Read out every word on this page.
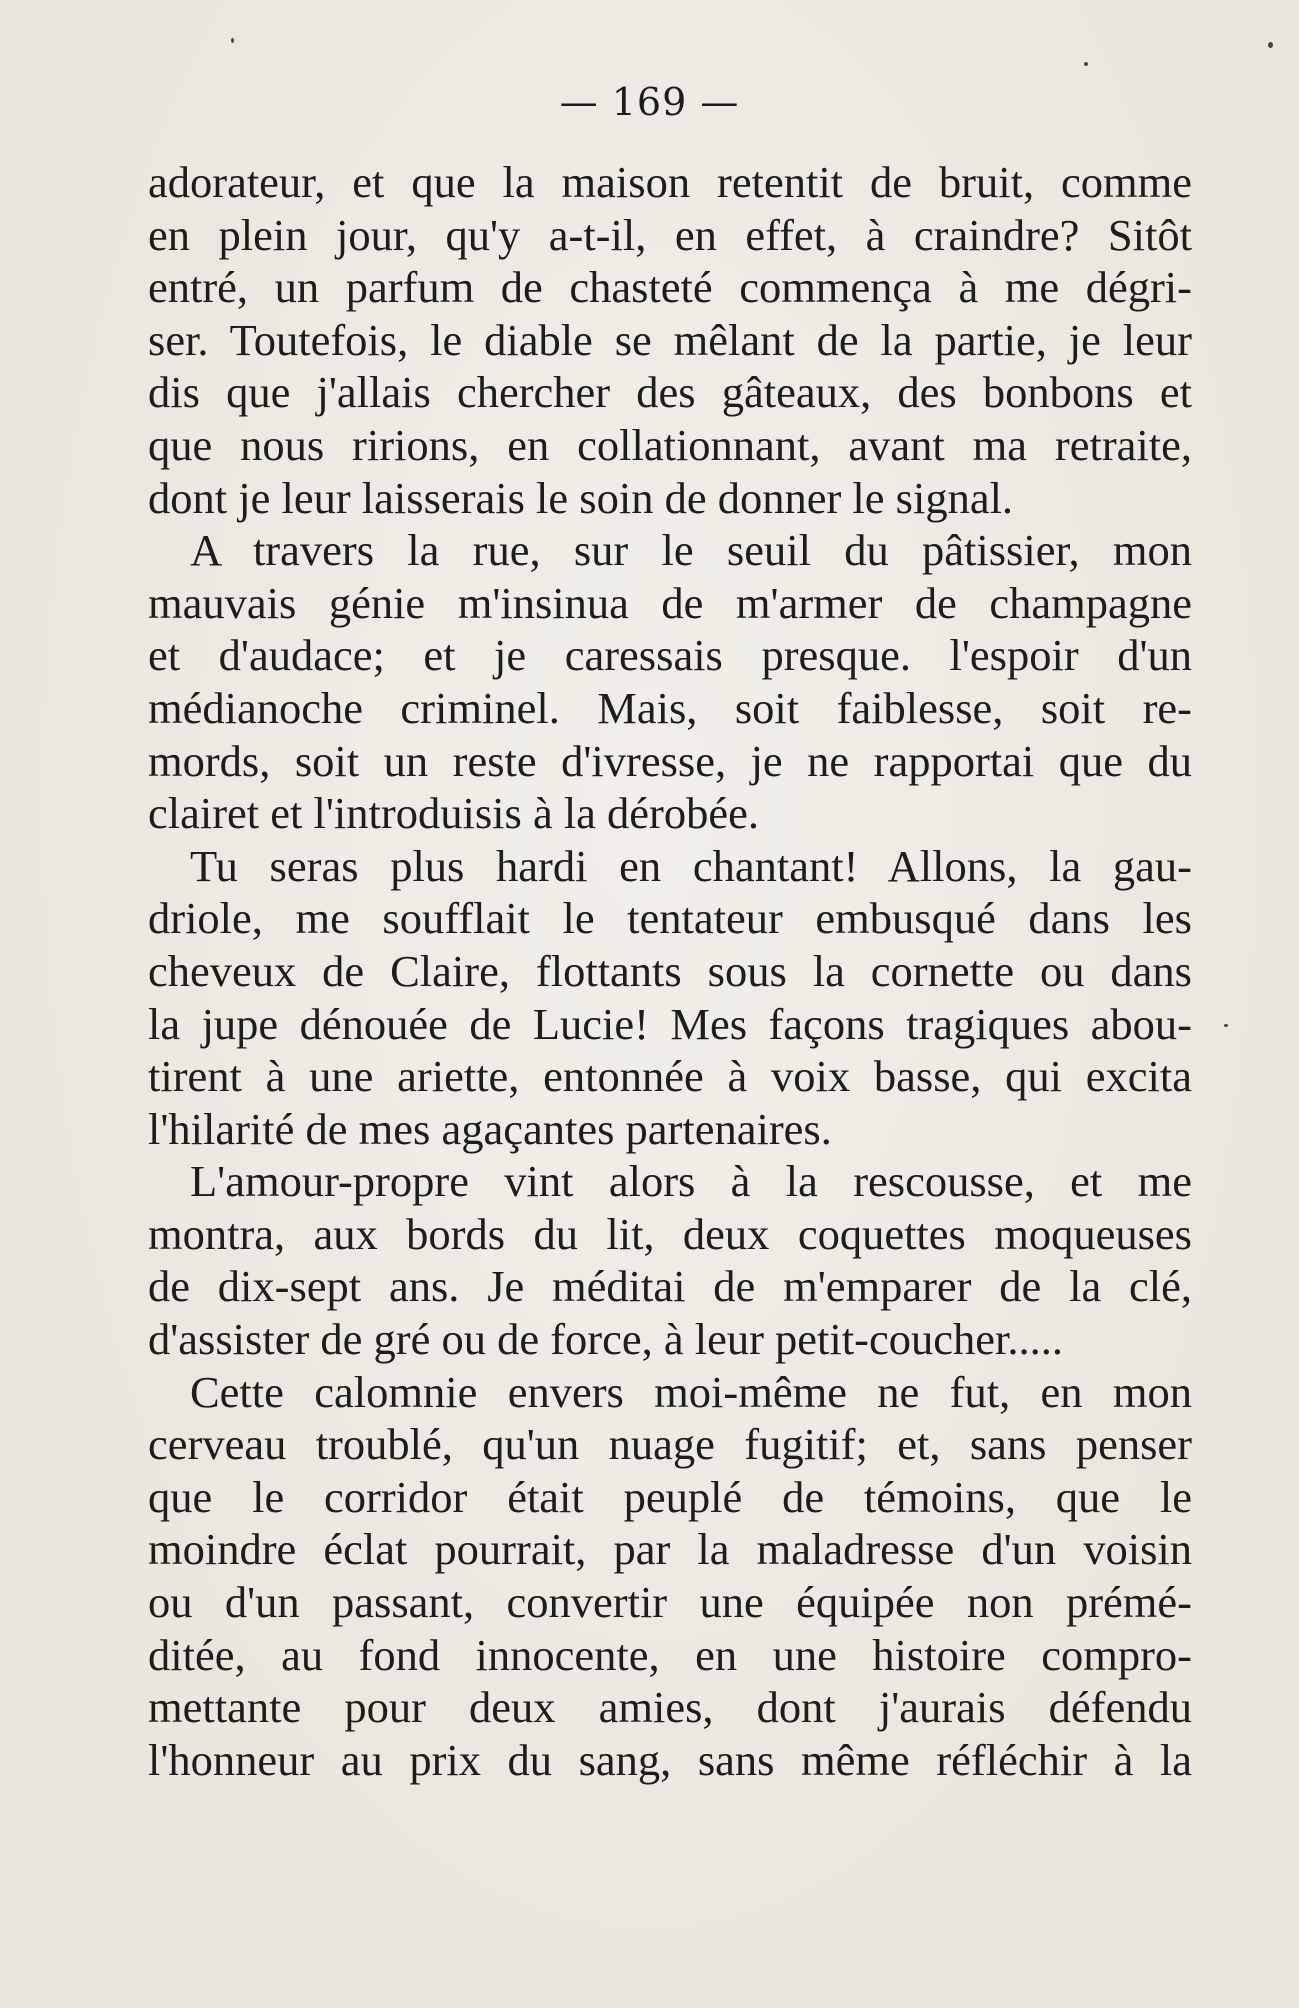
— 169 —
adorateur, et que la maison retentit de bruit, comme
en plein jour, qu'y a-t-il, en effet, à craindre? Sitôt
entré, un parfum de chasteté commença à me dégri-
ser. Toutefois, le diable se mêlant de la partie, je leur
dis que j'allais chercher des gâteaux, des bonbons et
que nous ririons, en collationnant, avant ma retraite,
dont je leur laisserais le soin de donner le signal.
A travers la rue, sur le seuil du pâtissier, mon
mauvais génie m'insinua de m'armer de champagne
et d'audace; et je caressais presque. l'espoir d'un
médianoche criminel. Mais, soit faiblesse, soit re-
mords, soit un reste d'ivresse, je ne rapportai que du
clairet et l'introduisis à la dérobée.
Tu seras plus hardi en chantant! Allons, la gau-
driole, me soufflait le tentateur embusqué dans les
cheveux de Claire, flottants sous la cornette ou dans
la jupe dénouée de Lucie! Mes façons tragiques abou-
tirent à une ariette, entonnée à voix basse, qui excita
l'hilarité de mes agaçantes partenaires.
L'amour-propre vint alors à la rescousse, et me
montra, aux bords du lit, deux coquettes moqueuses
de dix-sept ans. Je méditai de m'emparer de la clé,
d'assister de gré ou de force, à leur petit-coucher.....
Cette calomnie envers moi-même ne fut, en mon
cerveau troublé, qu'un nuage fugitif; et, sans penser
que le corridor était peuplé de témoins, que le
moindre éclat pourrait, par la maladresse d'un voisin
ou d'un passant, convertir une équipée non prémé-
ditée, au fond innocente, en une histoire compro-
mettante pour deux amies, dont j'aurais défendu
l'honneur au prix du sang, sans même réfléchir à la
